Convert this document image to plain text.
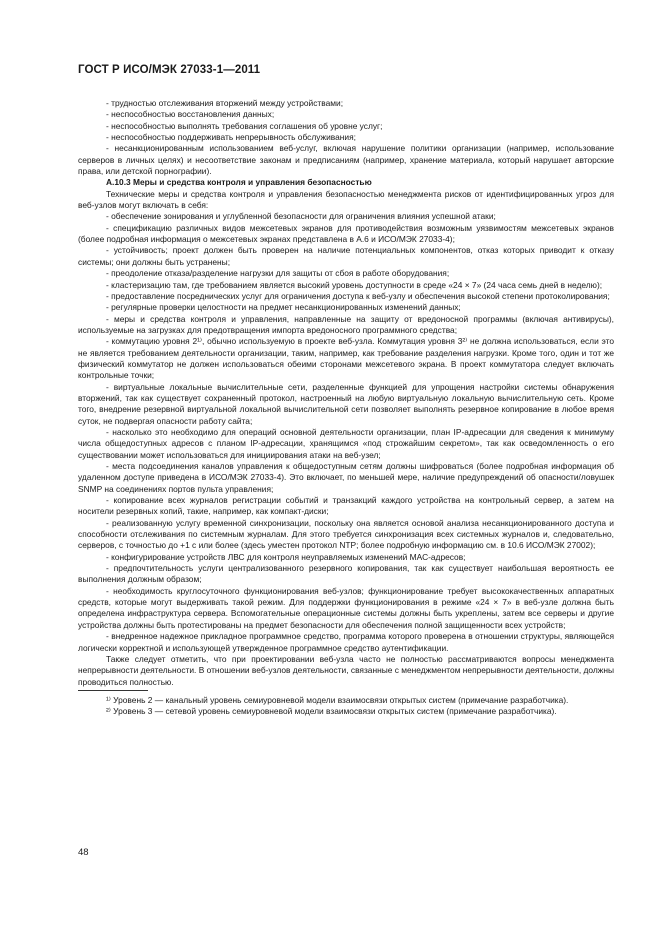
ГОСТ Р ИСО/МЭК 27033-1—2011

- трудностью отслеживания вторжений между устройствами;

- неспособностью восстановления данных;

- неспособностью выполнять требования соглашения об уровне услуг;

- неспособностью поддерживать непрерывность обслуживания;

- несанкционированным использованием веб-услуг, включая нарушение политики организации (например, использование серверов в личных целях) и несоответствие законам и предписаниям (например, хранение материала, который нарушает авторские права, или детской порнографии).

А.10.3 Меры и средства контроля и управления безопасностью

Технические меры и средства контроля и управления безопасностью менеджмента рисков от идентифицированных угроз для веб-узлов могут включать в себя:

- обеспечение зонирования и углубленной безопасности для ограничения влияния успешной атаки;

- спецификацию различных видов межсетевых экранов для противодействия возможным уязвимостям межсетевых экранов (более подробная информация о межсетевых экранах представлена в А.6 и ИСО/МЭК 27033-4);

- устойчивость; проект должен быть проверен на наличие потенциальных компонентов, отказ которых приводит к отказу системы; они должны быть устранены;

- преодоление отказа/разделение нагрузки для защиты от сбоя в работе оборудования;

- кластеризацию там, где требованием является высокий уровень доступности в среде «24 × 7» (24 часа семь дней в неделю);

- предоставление посреднических услуг для ограничения доступа к веб-узлу и обеспечения высокой степени протоколирования;

- регулярные проверки целостности на предмет несанкционированных изменений данных;

- меры и средства контроля и управления, направленные на защиту от вредоносной программы (включая антивирусы), используемые на загрузках для предотвращения импорта вредоносного программного средства;

- коммутацию уровня 2¹⁾, обычно используемую в проекте веб-узла. Коммутация уровня 3²⁾ не должна использоваться, если это не является требованием деятельности организации, таким, например, как требование разделения нагрузки. Кроме того, один и тот же физический коммутатор не должен использоваться обеими сторонами межсетевого экрана. В проект коммутатора следует включать контрольные точки;

- виртуальные локальные вычислительные сети, разделенные функцией для упрощения настройки системы обнаружения вторжений, так как существует сохраненный протокол, настроенный на любую виртуальную локальную вычислительную сеть. Кроме того, внедрение резервной виртуальной локальной вычислительной сети позволяет выполнять резервное копирование в любое время суток, не подвергая опасности работу сайта;

- насколько это необходимо для операций основной деятельности организации, план IP-адресации для сведения к минимуму числа общедоступных адресов с планом IP-адресации, хранящимся «под строжайшим секретом», так как осведомленность о его существовании может использоваться для инициирования атаки на веб-узел;

- места подсоединения каналов управления к общедоступным сетям должны шифроваться (более подробная информация об удаленном доступе приведена в ИСО/МЭК 27033-4). Это включает, по меньшей мере, наличие предупреждений об опасности/ловушек SNMP на соединениях портов пульта управления;

- копирование всех журналов регистрации событий и транзакций каждого устройства на контрольный сервер, а затем на носители резервных копий, такие, например, как компакт-диски;

- реализованную услугу временной синхронизации, поскольку она является основой анализа несанкционированного доступа и способности отслеживания по системным журналам. Для этого требуется синхронизация всех системных журналов и, следовательно, серверов, с точностью до +1 с или более (здесь уместен протокол NTP; более подробную информацию см. в 10.6 ИСО/МЭК 27002);

- конфигурирование устройств ЛВС для контроля неуправляемых изменений МАС-адресов;

- предпочтительность услуги централизованного резервного копирования, так как существует наибольшая вероятность ее выполнения должным образом;

- необходимость круглосуточного функционирования веб-узлов; функционирование требует высококачественных аппаратных средств, которые могут выдерживать такой режим. Для поддержки функционирования в режиме «24 × 7» в веб-узле должна быть определена инфраструктура сервера. Вспомогательные операционные системы должны быть укреплены, затем все серверы и другие устройства должны быть протестированы на предмет безопасности для обеспечения полной защищенности всех устройств;

- внедренное надежное прикладное программное средство, программа которого проверена в отношении структуры, являющейся логически корректной и использующей утвержденное программное средство аутентификации.

Также следует отметить, что при проектировании веб-узла часто не полностью рассматриваются вопросы менеджмента непрерывности деятельности. В отношении веб-узлов деятельности, связанные с менеджментом непрерывности деятельности, должны проводиться полностью.

¹⁾ Уровень 2 — канальный уровень семиуровневой модели взаимосвязи открытых систем (примечание разработчика).

²⁾ Уровень 3 — сетевой уровень семиуровневой модели взаимосвязи открытых систем (примечание разработчика).

48
